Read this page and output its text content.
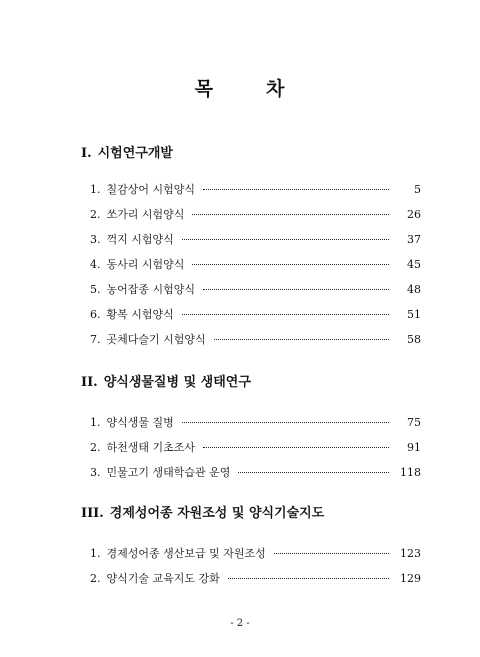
목	차
I. 시험연구개발
1. 칠감상어 시험양식	5
2. 쏘가리 시험양식	26
3. 꺽지 시험양식	37
4. 동사리 시험양식	45
5. 농어잡종 시험양식	48
6. 황복 시험양식	51
7. 곳체다슬기 시험양식	58
II. 양식생물질병 및 생태연구
1. 양식생물 질병	75
2. 하천생태 기초조사	91
3. 민물고기 생태학습관 운영	118
III. 경제성어종 자원조성 및 양식기술지도
1. 경제성어종 생산보급 및 자원조성	123
2. 양식기술 교육지도 강화	129
- 2 -
